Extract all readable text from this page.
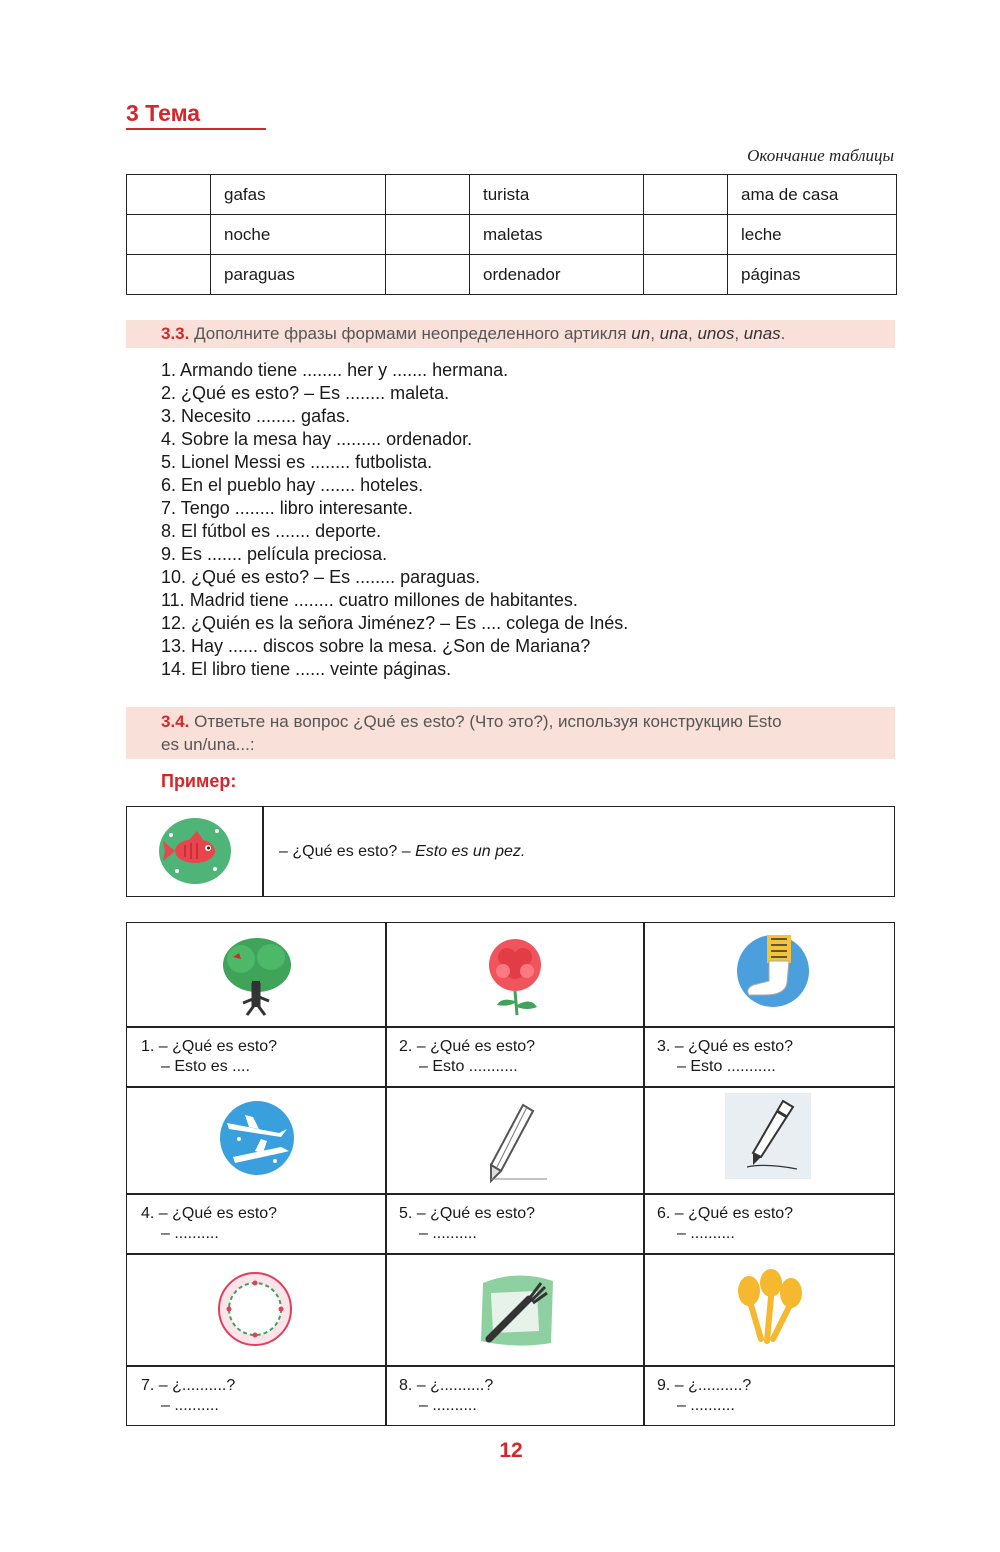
3 Тема
Окончание таблицы
	gafas		turista		ama de casa
	noche		maletas		leche
	paraguas		ordenador		páginas
3.3. Дополните фразы формами неопределенного артикля un, una, unos, unas.
1. Armando tiene ........ her y ....... hermana.
2. ¿Qué es esto? – Es ........ maleta.
3. Necesito ........ gafas.
4. Sobre la mesa hay ......... ordenador.
5. Lionel Messi es ........ futbolista.
6. En el pueblo hay ....... hoteles.
7. Tengo ........ libro interesante.
8. El fútbol es ....... deporte.
9. Es ....... película preciosa.
10. ¿Qué es esto? – Es ........ paraguas.
11. Madrid tiene ........ cuatro millones de habitantes.
12. ¿Quién es la señora Jiménez? – Es .... colega de Inés.
13. Hay ...... discos sobre la mesa. ¿Son de Mariana?
14. El libro tiene ...... veinte páginas.
3.4. Ответьте на вопрос ¿Qué es esto? (Что это?), используя конструкцию Esto
es un/una...:
Пример:
– ¿Qué es esto? – Esto es un pez.
1. – ¿Qué es esto?
– Esto es ....
2. – ¿Qué es esto?
– Esto ...........
3. – ¿Qué es esto?
– Esto ...........
4. – ¿Qué es esto?
– ..........
5. – ¿Qué es esto?
– ..........
6. – ¿Qué es esto?
– ..........
7. – ¿..........?
– ..........
8. – ¿..........?
– ..........
9. – ¿..........?
– ..........
12
